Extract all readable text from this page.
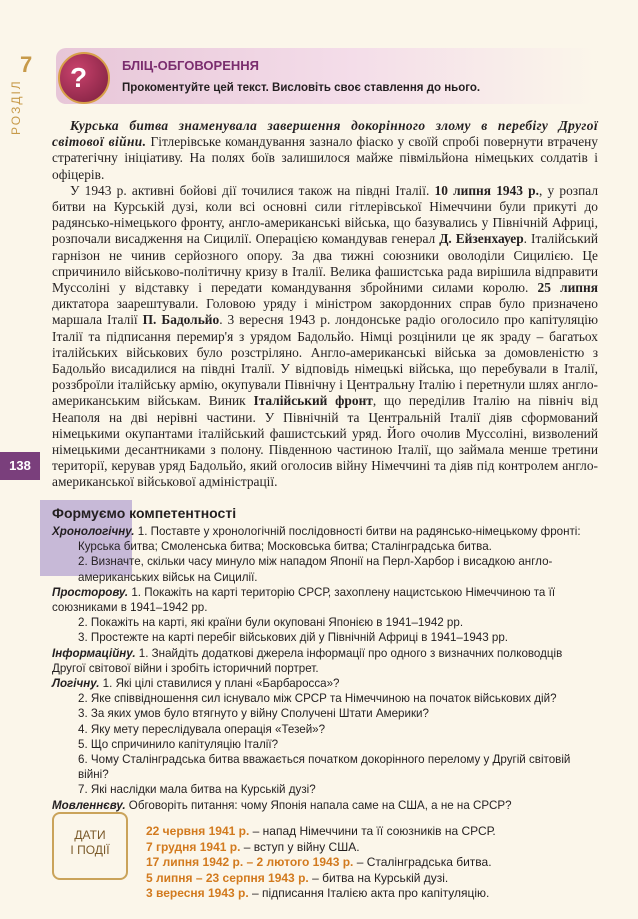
7
РОЗДІЛ
138
?	БЛІЦ-ОБГОВОРЕННЯ
Прокоментуйте цей текст. Висловіть своє ставлення до нього.

Курська битва знаменувала завершення докорінного злому в перебігу Другої світової війни. Гітлерівське командування зазнало фіаско у своїй спробі повернути втрачену стратегічну ініціативу. На полях боїв залишилося майже півмільйона німецьких солдатів і офіцерів.

У 1943 р. активні бойові дії точилися також на півдні Італії. 10 липня 1943 р., у розпал битви на Курській дузі, коли всі основні сили гітлерівської Німеччини були прикуті до радянсько-німецького фронту, англо-американські війська, що базувались у Північній Африці, розпочали висадження на Сицилії. Операцією командував генерал Д. Ейзенхауер. Італійський гарнізон не чинив серйозного опору. За два тижні союзники оволоділи Сицилією. Це спричинило військово-політичну кризу в Італії. Велика фашистська рада вирішила відправити Муссоліні у відставку і передати командування збройними силами королю. 25 липня диктатора заарештували. Головою уряду і міністром закордонних справ було призначено маршала Італії П. Бадольйо. 3 вересня 1943 р. лондонське радіо оголосило про капітуляцію Італії та підписання перемир'я з урядом Бадольйо. Німці розцінили це як зраду – багатьох італійських військових було розстріляно. Англо-американські війська за домовленістю з Бадольйо висадилися на півдні Італії. У відповідь німецькі війська, що перебували в Італії, роззброїли італійську армію, окупували Північну і Центральну Італію і перетнули шлях англо-американським військам. Виник Італійський фронт, що переділив Італію на північ від Неаполя на дві нерівні частини. У Північній та Центральній Італії діяв сформований німецькими окупантами італійський фашистський уряд. Його очолив Муссоліні, визволений німецькими десантниками з полону. Південною частиною Італії, що займала менше третини території, керував уряд Бадольйо, який оголосив війну Німеччині та діяв під контролем англо-американської військової адміністрації.

Формуємо компетентності
Хронологічну. 1. Поставте у хронологічній послідовності битви на радянсько-німецькому фронті:
Курська битва; Смоленська битва; Московська битва; Сталінградська битва.
2. Визначте, скільки часу минуло між нападом Японії на Перл-Харбор і висадкою англо-американських військ на Сицилії.
Просторову. 1. Покажіть на карті територію СРСР, захоплену нацистською Німеччиною та її союзниками в 1941–1942 рр.
2. Покажіть на карті, які країни були окуповані Японією в 1941–1942 рр.
3. Простежте на карті перебіг військових дій у Північній Африці в 1941–1943 рр.
Інформаційну. 1. Знайдіть додаткові джерела інформації про одного з визначних полководців Другої світової війни і зробіть історичний портрет.
Логічну. 1. Які цілі ставилися у плані «Барбаросса»?
2. Яке співвідношення сил існувало між СРСР та Німеччиною на початок військових дій?
3. За яких умов було втягнуто у війну Сполучені Штати Америки?
4. Яку мету переслідувала операція «Тезей»?
5. Що спричинило капітуляцію Італії?
6. Чому Сталінградська битва вважається початком докорінного перелому у Другій світовій війні?
7. Які наслідки мала битва на Курській дузі?
Мовленнєву. Обговоріть питання: чому Японія напала саме на США, а не на СРСР?
ДАТИ
І ПОДІЇ
22 червня 1941 р. – напад Німеччини та її союзників на СРСР.
7 грудня 1941 р. – вступ у війну США.
17 липня 1942 р. – 2 лютого 1943 р. – Сталінградська битва.
5 липня – 23 серпня 1943 р. – битва на Курській дузі.
3 вересня 1943 р. – підписання Італією акта про капітуляцію.
